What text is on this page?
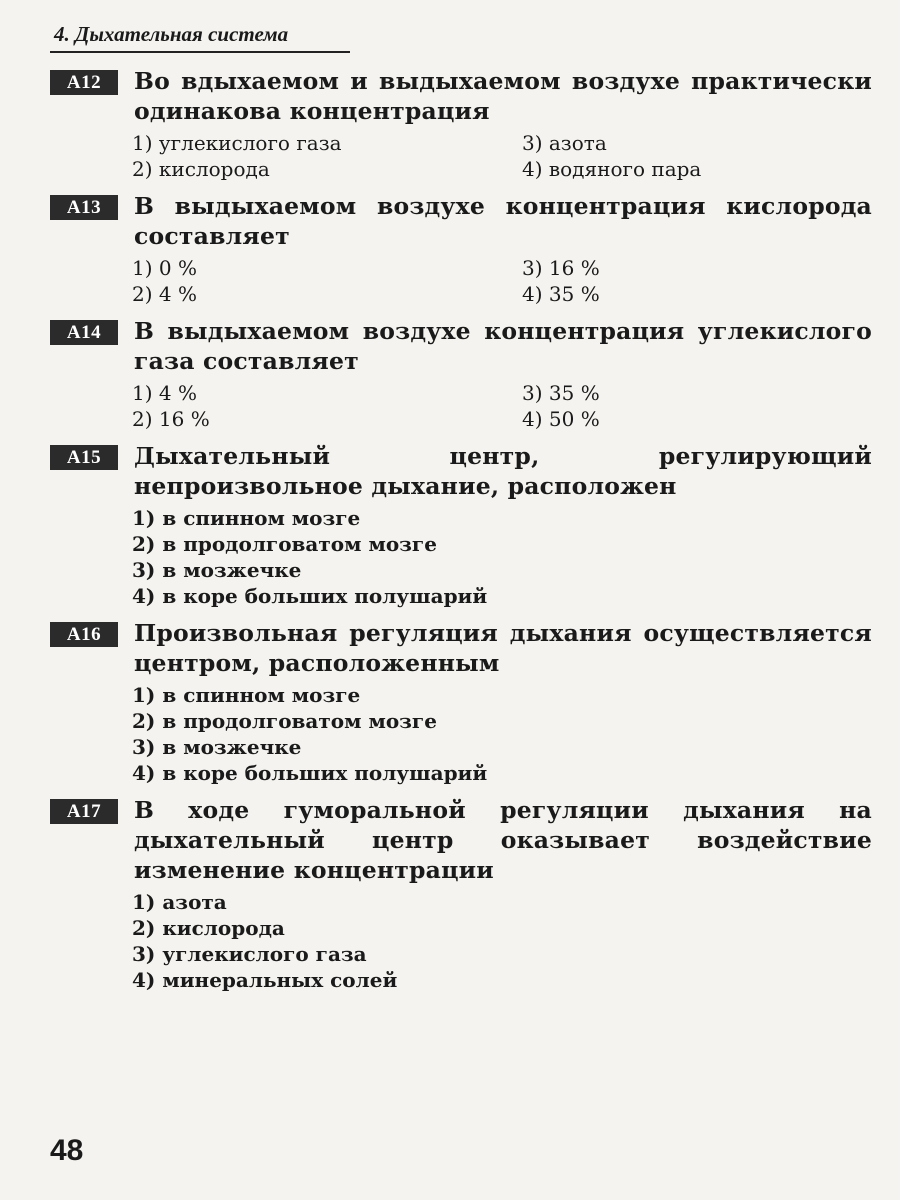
4. Дыхательная система
А12	Во вдыхаемом и выдыхаемом воздухе практически одинакова концентрация
1) углекислого газа	3) азота
2) кислорода	4) водяного пара
А13	В выдыхаемом воздухе концентрация кислорода составляет
1) 0 %	3) 16 %
2) 4 %	4) 35 %
А14	В выдыхаемом воздухе концентрация углекислого газа составляет
1) 4 %	3) 35 %
2) 16 %	4) 50 %
А15	Дыхательный центр, регулирующий непроизвольное дыхание, расположен
1) в спинном мозге
2) в продолговатом мозге
3) в мозжечке
4) в коре больших полушарий
А16	Произвольная регуляция дыхания осуществляется центром, расположенным
1) в спинном мозге
2) в продолговатом мозге
3) в мозжечке
4) в коре больших полушарий
А17	В ходе гуморальной регуляции дыхания на дыхательный центр оказывает воздействие изменение концентрации
1) азота
2) кислорода
3) углекислого газа
4) минеральных солей
48
